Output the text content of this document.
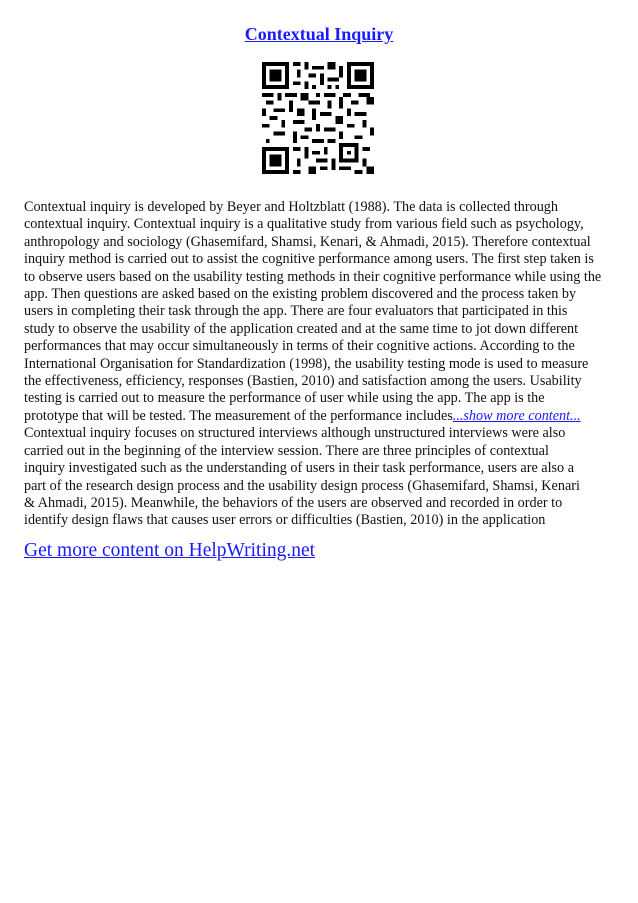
Contextual Inquiry
Contextual inquiry is developed by Beyer and Holtzblatt (1988). The data is collected through
contextual inquiry. Contextual inquiry is a qualitative study from various field such as psychology,
anthropology and sociology (Ghasemifard, Shamsi, Kenari, & Ahmadi, 2015). Therefore contextual
inquiry method is carried out to assist the cognitive performance among users. The first step taken is
to observe users based on the usability testing methods in their cognitive performance while using the
app. Then questions are asked based on the existing problem discovered and the process taken by
users in completing their task through the app. There are four evaluators that participated in this
study to observe the usability of the application created and at the same time to jot down different
performances that may occur simultaneously in terms of their cognitive actions. According to the
International Organisation for Standardization (1998), the usability testing mode is used to measure
the effectiveness, efficiency, responses (Bastien, 2010) and satisfaction among the users. Usability
testing is carried out to measure the performance of user while using the app. The app is the
prototype that will be tested. The measurement of the performance includes...show more content...
Contextual inquiry focuses on structured interviews although unstructured interviews were also
carried out in the beginning of the interview session. There are three principles of contextual
inquiry investigated such as the understanding of users in their task performance, users are also a
part of the research design process and the usability design process (Ghasemifard, Shamsi, Kenari
& Ahmadi, 2015). Meanwhile, the behaviors of the users are observed and recorded in order to
identify design flaws that causes user errors or difficulties (Bastien, 2010) in the application
Get more content on HelpWriting.net
